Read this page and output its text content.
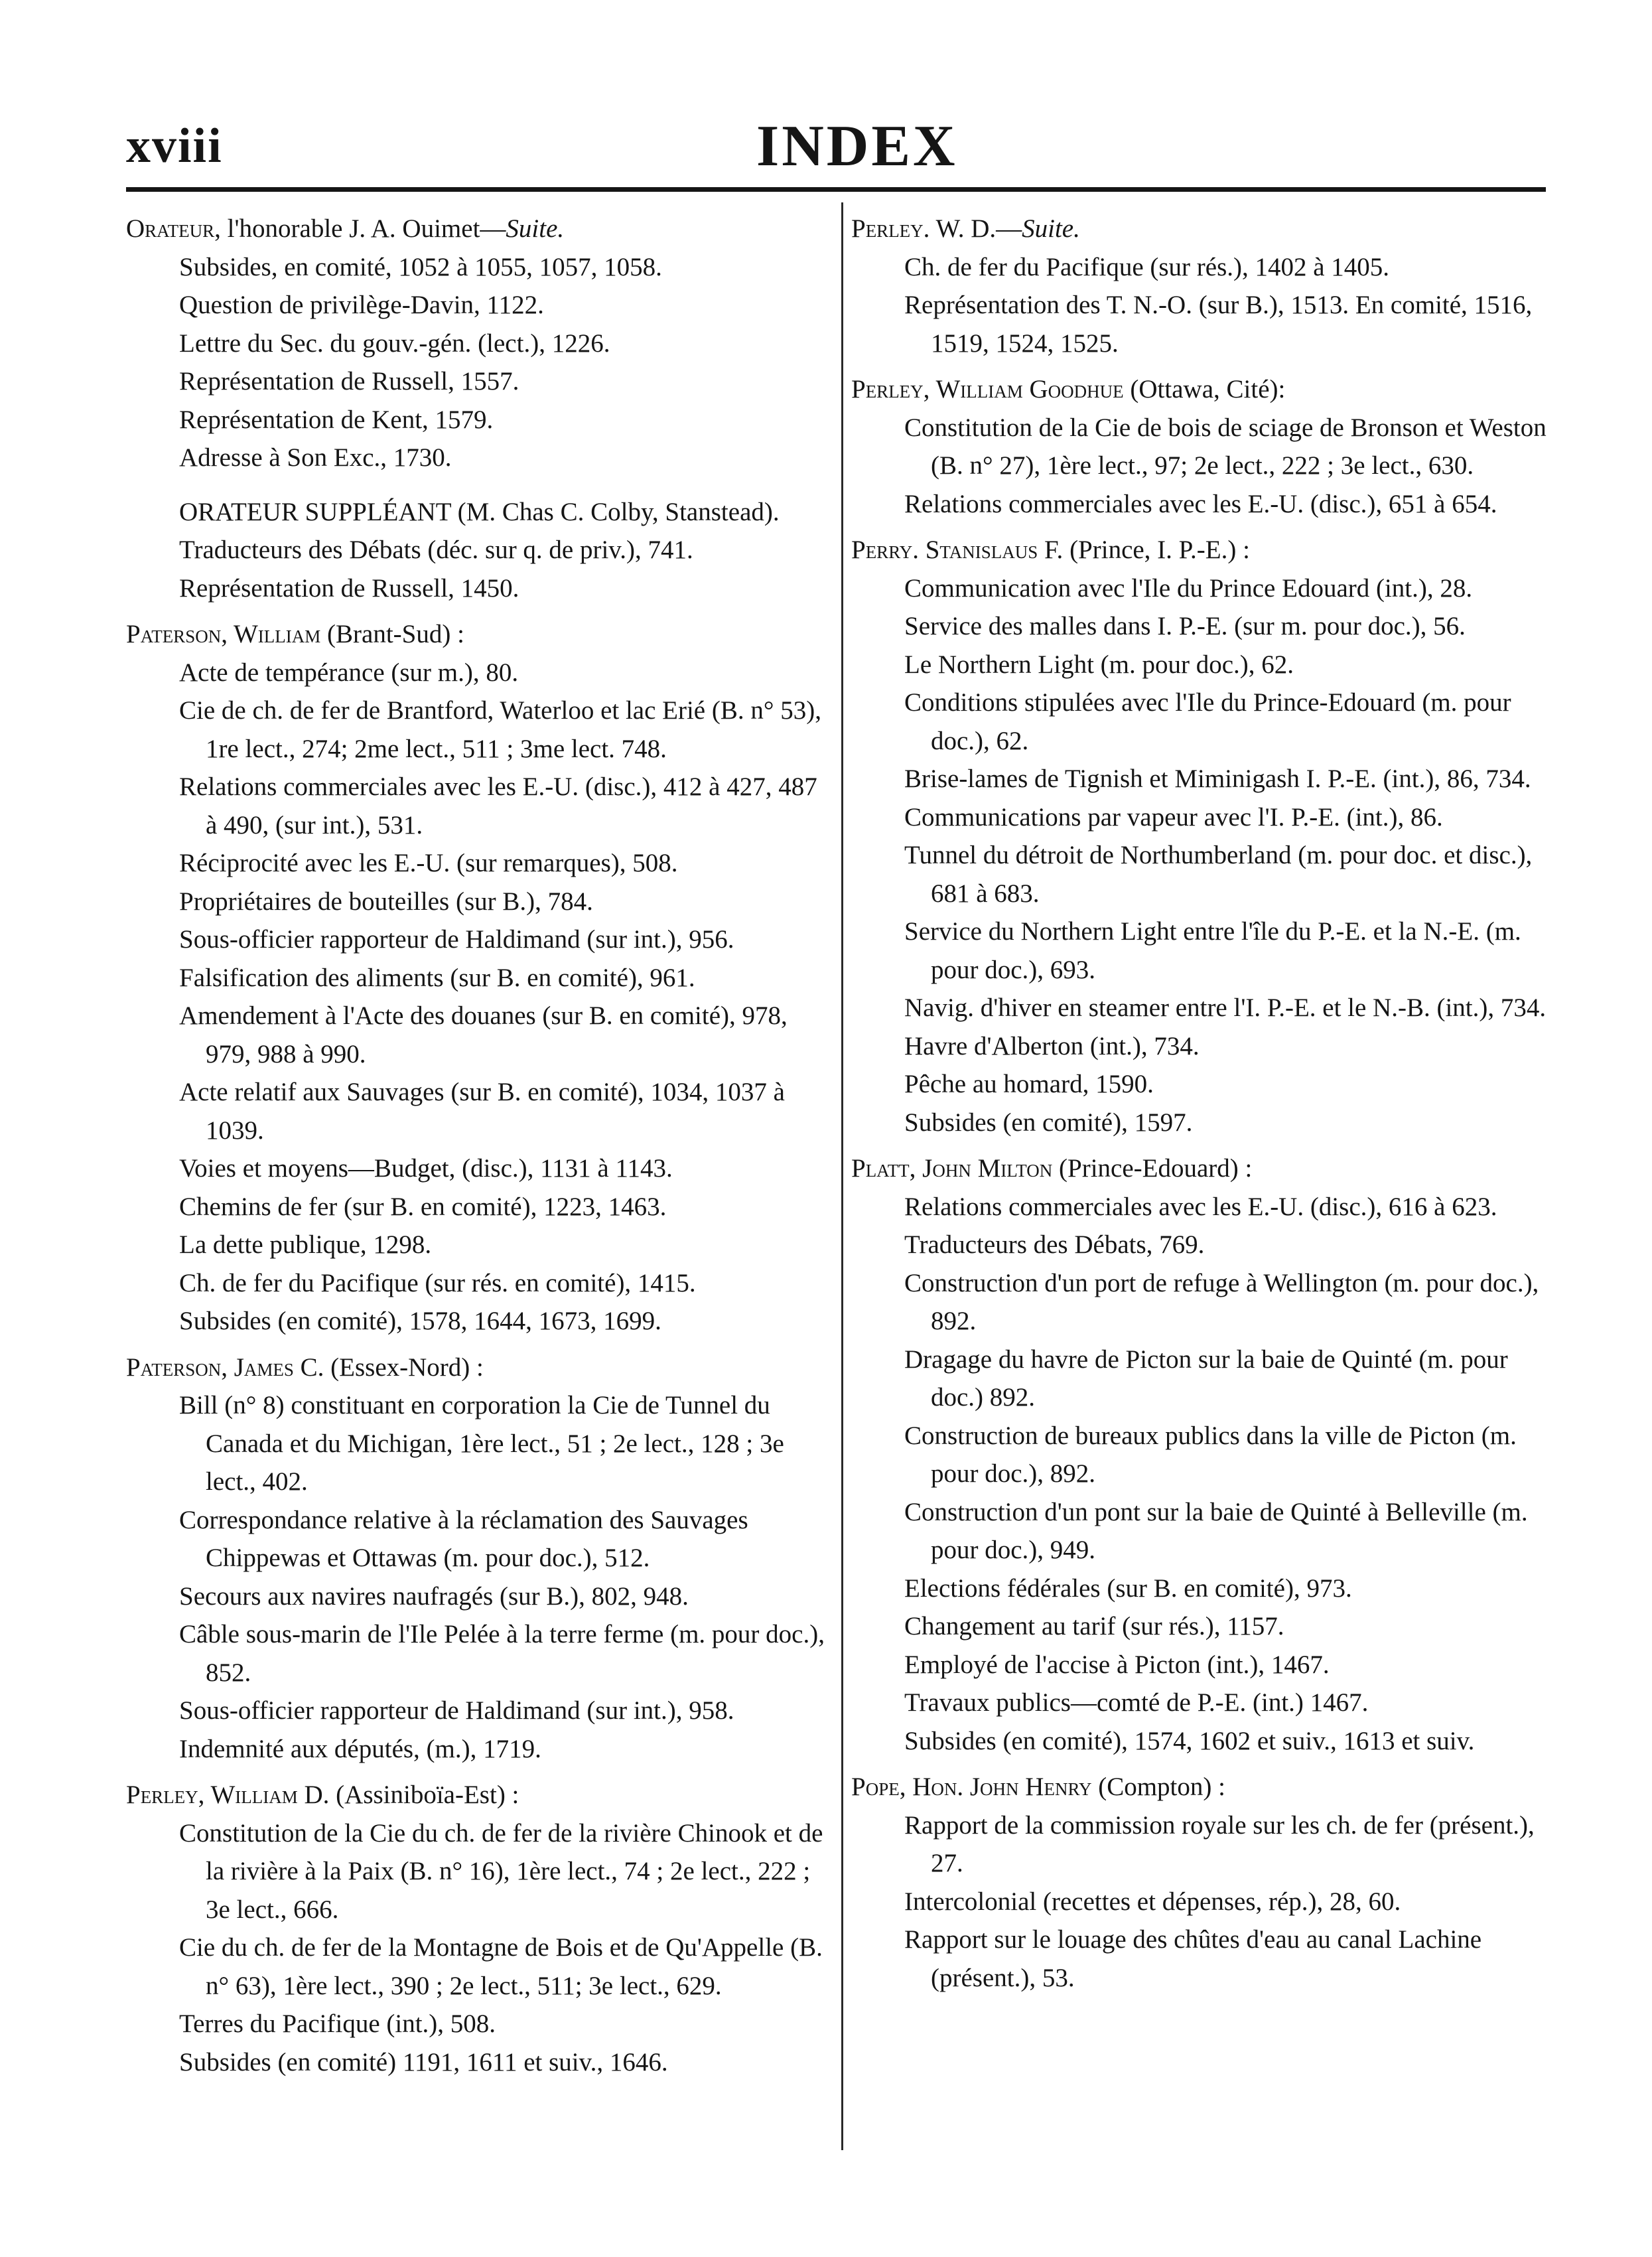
xviii	INDEX
Orateur, l'honorable J. A. Ouimet—Suite.
Subsides, en comité, 1052 à 1055, 1057, 1058.
Question de privilège-Davin, 1122.
Lettre du Sec. du gouv.-gén. (lect.), 1226.
Représentation de Russell, 1557.
Représentation de Kent, 1579.
Adresse à Son Exc., 1730.
ORATEUR SUPPLÉANT (M. Chas C. Colby, Stanstead).
Traducteurs des Débats (déc. sur q. de priv.), 741.
Représentation de Russell, 1450.
Paterson, William (Brant-Sud) :
Acte de tempérance (sur m.), 80.
Cie de ch. de fer de Brantford, Waterloo et lac Erié (B. n° 53), 1re lect., 274; 2me lect., 511 ; 3me lect. 748.
Relations commerciales avec les E.-U. (disc.), 412 à 427, 487 à 490, (sur int.), 531.
Réciprocité avec les E.-U. (sur remarques), 508.
Propriétaires de bouteilles (sur B.), 784.
Sous-officier rapporteur de Haldimand (sur int.), 956.
Falsification des aliments (sur B. en comité), 961.
Amendement à l'Acte des douanes (sur B. en comité), 978, 979, 988 à 990.
Acte relatif aux Sauvages (sur B. en comité), 1034, 1037 à 1039.
Voies et moyens—Budget, (disc.), 1131 à 1143.
Chemins de fer (sur B. en comité), 1223, 1463.
La dette publique, 1298.
Ch. de fer du Pacifique (sur rés. en comité), 1415.
Subsides (en comité), 1578, 1644, 1673, 1699.
Paterson, James C. (Essex-Nord) :
Bill (n° 8) constituant en corporation la Cie de Tunnel du Canada et du Michigan, 1ère lect., 51 ; 2e lect., 128 ; 3e lect., 402.
Correspondance relative à la réclamation des Sauvages Chippewas et Ottawas (m. pour doc.), 512.
Secours aux navires naufragés (sur B.), 802, 948.
Câble sous-marin de l'Ile Pelée à la terre ferme (m. pour doc.), 852.
Sous-officier rapporteur de Haldimand (sur int.), 958.
Indemnité aux députés, (m.), 1719.
Perley, William D. (Assiniboïa-Est) :
Constitution de la Cie du ch. de fer de la rivière Chinook et de la rivière à la Paix (B. n° 16), 1ère lect., 74 ; 2e lect., 222 ; 3e lect., 666.
Cie du ch. de fer de la Montagne de Bois et de Qu'Appelle (B. n° 63), 1ère lect., 390 ; 2e lect., 511; 3e lect., 629.
Terres du Pacifique (int.), 508.
Subsides (en comité) 1191, 1611 et suiv., 1646.
Perley. W. D.—Suite.
Ch. de fer du Pacifique (sur rés.), 1402 à 1405.
Représentation des T. N.-O. (sur B.), 1513. En comité, 1516, 1519, 1524, 1525.
Perley, William Goodhue (Ottawa, Cité):
Constitution de la Cie de bois de sciage de Bronson et Weston (B. n° 27), 1ère lect., 97; 2e lect., 222 ; 3e lect., 630.
Relations commerciales avec les E.-U. (disc.), 651 à 654.
Perry. Stanislaus F. (Prince, I. P.-E.) :
Communication avec l'Ile du Prince Edouard (int.), 28.
Service des malles dans I. P.-E. (sur m. pour doc.), 56.
Le Northern Light (m. pour doc.), 62.
Conditions stipulées avec l'Ile du Prince-Edouard (m. pour doc.), 62.
Brise-lames de Tignish et Miminigash I. P.-E. (int.), 86, 734.
Communications par vapeur avec l'I. P.-E. (int.), 86.
Tunnel du détroit de Northumberland (m. pour doc. et disc.), 681 à 683.
Service du Northern Light entre l'île du P.-E. et la N.-E. (m. pour doc.), 693.
Navig. d'hiver en steamer entre l'I. P.-E. et le N.-B. (int.), 734.
Havre d'Alberton (int.), 734.
Pêche au homard, 1590.
Subsides (en comité), 1597.
Platt, John Milton (Prince-Edouard) :
Relations commerciales avec les E.-U. (disc.), 616 à 623.
Traducteurs des Débats, 769.
Construction d'un port de refuge à Wellington (m. pour doc.), 892.
Dragage du havre de Picton sur la baie de Quinté (m. pour doc.) 892.
Construction de bureaux publics dans la ville de Picton (m. pour doc.), 892.
Construction d'un pont sur la baie de Quinté à Belleville (m. pour doc.), 949.
Elections fédérales (sur B. en comité), 973.
Changement au tarif (sur rés.), 1157.
Employé de l'accise à Picton (int.), 1467.
Travaux publics—comté de P.-E. (int.) 1467.
Subsides (en comité), 1574, 1602 et suiv., 1613 et suiv.
Pope, Hon. John Henry (Compton) :
Rapport de la commission royale sur les ch. de fer (présent.), 27.
Intercolonial (recettes et dépenses, rép.), 28, 60.
Rapport sur le louage des chûtes d'eau au canal Lachine (présent.), 53.
